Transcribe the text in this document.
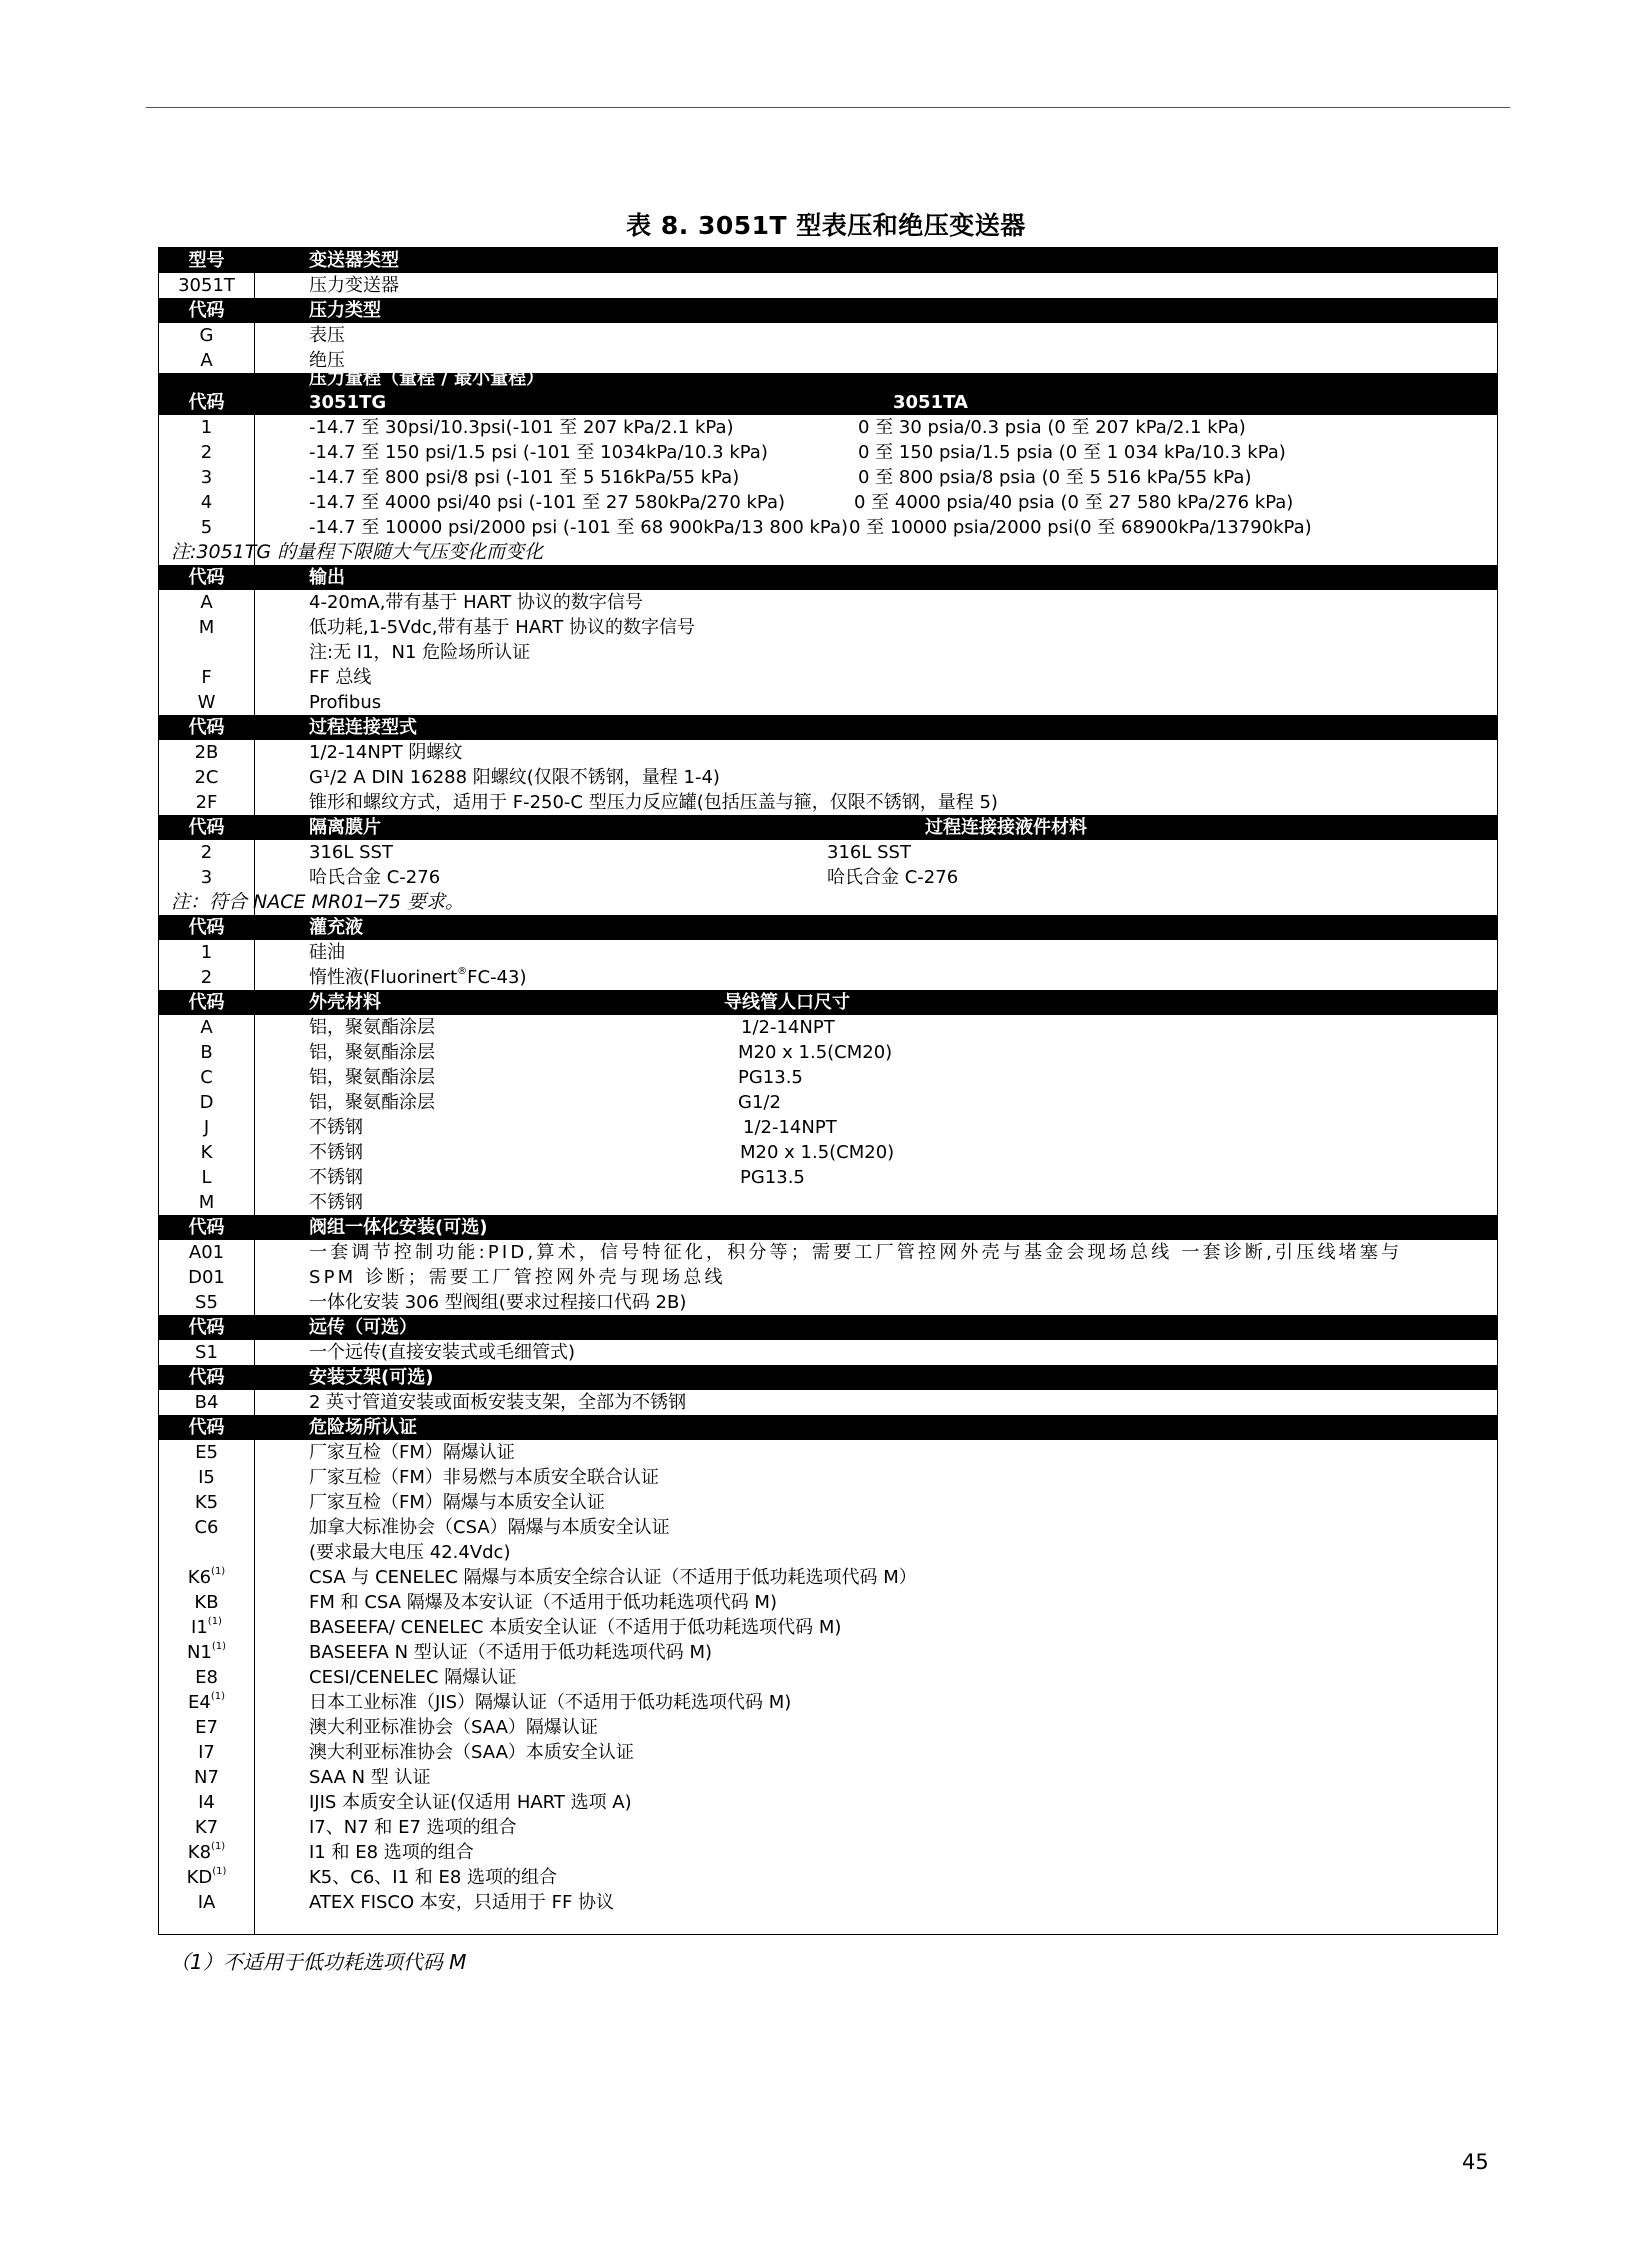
表 8. 3051T 型表压和绝压变送器
型号	变送器类型
3051T	压力变送器
代码	压力类型
G	表压
A	绝压
压力量程（量程 / 最小量程）
代码	3051TG	3051TA
1	-14.7 至 30psi/10.3psi(-101 至 207 kPa/2.1 kPa)	0 至 30 psia/0.3 psia (0 至 207 kPa/2.1 kPa)
2	-14.7 至 150 psi/1.5 psi (-101 至 1034kPa/10.3 kPa)	0 至 150 psia/1.5 psia (0 至 1 034 kPa/10.3 kPa)
3	-14.7 至 800 psi/8 psi (-101 至 5 516kPa/55 kPa)	0 至 800 psia/8 psia (0 至 5 516 kPa/55 kPa)
4	-14.7 至 4000 psi/40 psi (-101 至 27 580kPa/270 kPa)	0 至 4000 psia/40 psia (0 至 27 580 kPa/276 kPa)
5	-14.7 至 10000 psi/2000 psi (-101 至 68 900kPa/13 800 kPa) 0 至 10000 psia/2000 psi(0 至 68900kPa/13790kPa)
注:3051TG 的量程下限随大气压变化而变化
代码	输出
A	4-20mA,带有基于 HART 协议的数字信号
M	低功耗,1-5Vdc,带有基于 HART 协议的数字信号
注:无 I1，N1 危险场所认证
F	FF 总线
W	Profibus
代码	过程连接型式
2B	1/2-14NPT 阴螺纹
2C	G¹/2 A DIN 16288 阳螺纹(仅限不锈钢，量程 1-4)
2F	锥形和螺纹方式，适用于 F-250-C 型压力反应罐(包括压盖与箍，仅限不锈钢，量程 5)
代码	隔离膜片	过程连接接液件材料
2	316L SST	316L SST
3	哈氏合金 C-276	哈氏合金 C-276
注：符合 NACE MR01─75 要求。
代码	灌充液
1	硅油
2	惰性液(Fluorinert®FC-43)
代码	外壳材料	导线管人口尺寸
A	铝，聚氨酯涂层	1/2-14NPT
B	铝，聚氨酯涂层	M20 x 1.5(CM20)
C	铝，聚氨酯涂层	PG13.5
D	铝，聚氨酯涂层	G1/2
J	不锈钢	1/2-14NPT
K	不锈钢	M20 x 1.5(CM20)
L	不锈钢	PG13.5
M	不锈钢
代码	阀组一体化安装(可选)
A01	一套调节控制功能:PID,算术，信号特征化，积分等；需要工厂管控网外壳与基金会现场总线 一套诊断,引压线堵塞与
D01	SPM 诊断；需要工厂管控网外壳与现场总线
S5	一体化安装 306 型阀组(要求过程接口代码 2B)
代码	远传（可选）
S1	一个远传(直接安装式或毛细管式)
代码	安装支架(可选)
B4	2 英寸管道安装或面板安装支架，全部为不锈钢
代码	危险场所认证
E5	厂家互检（FM）隔爆认证
I5	厂家互检（FM）非易燃与本质安全联合认证
K5	厂家互检（FM）隔爆与本质安全认证
C6	加拿大标准协会（CSA）隔爆与本质安全认证
(要求最大电压 42.4Vdc)
K6$^{(1)}$	CSA 与 CENELEC 隔爆与本质安全综合认证（不适用于低功耗选项代码 M）
KB	FM 和 CSA 隔爆及本安认证（不适用于低功耗选项代码 M)
I1$^{(1)}$	BASEEFA/ CENELEC 本质安全认证（不适用于低功耗选项代码 M)
N1$^{(1)}$	BASEEFA N 型认证（不适用于低功耗选项代码 M)
E8	CESI/CENELEC 隔爆认证
E4$^{(1)}$	日本工业标准（JIS）隔爆认证（不适用于低功耗选项代码 M)
E7	澳大利亚标准协会（SAA）隔爆认证
I7	澳大利亚标准协会（SAA）本质安全认证
N7	SAA N 型 认证
I4	IJIS 本质安全认证(仅适用 HART 选项 A)
K7	I7、N7 和 E7 选项的组合
K8$^{(1)}$	I1 和 E8 选项的组合
KD$^{(1)}$	K5、C6、I1 和 E8 选项的组合
IA	ATEX FISCO 本安，只适用于 FF 协议
（1）不适用于低功耗选项代码 M
45
